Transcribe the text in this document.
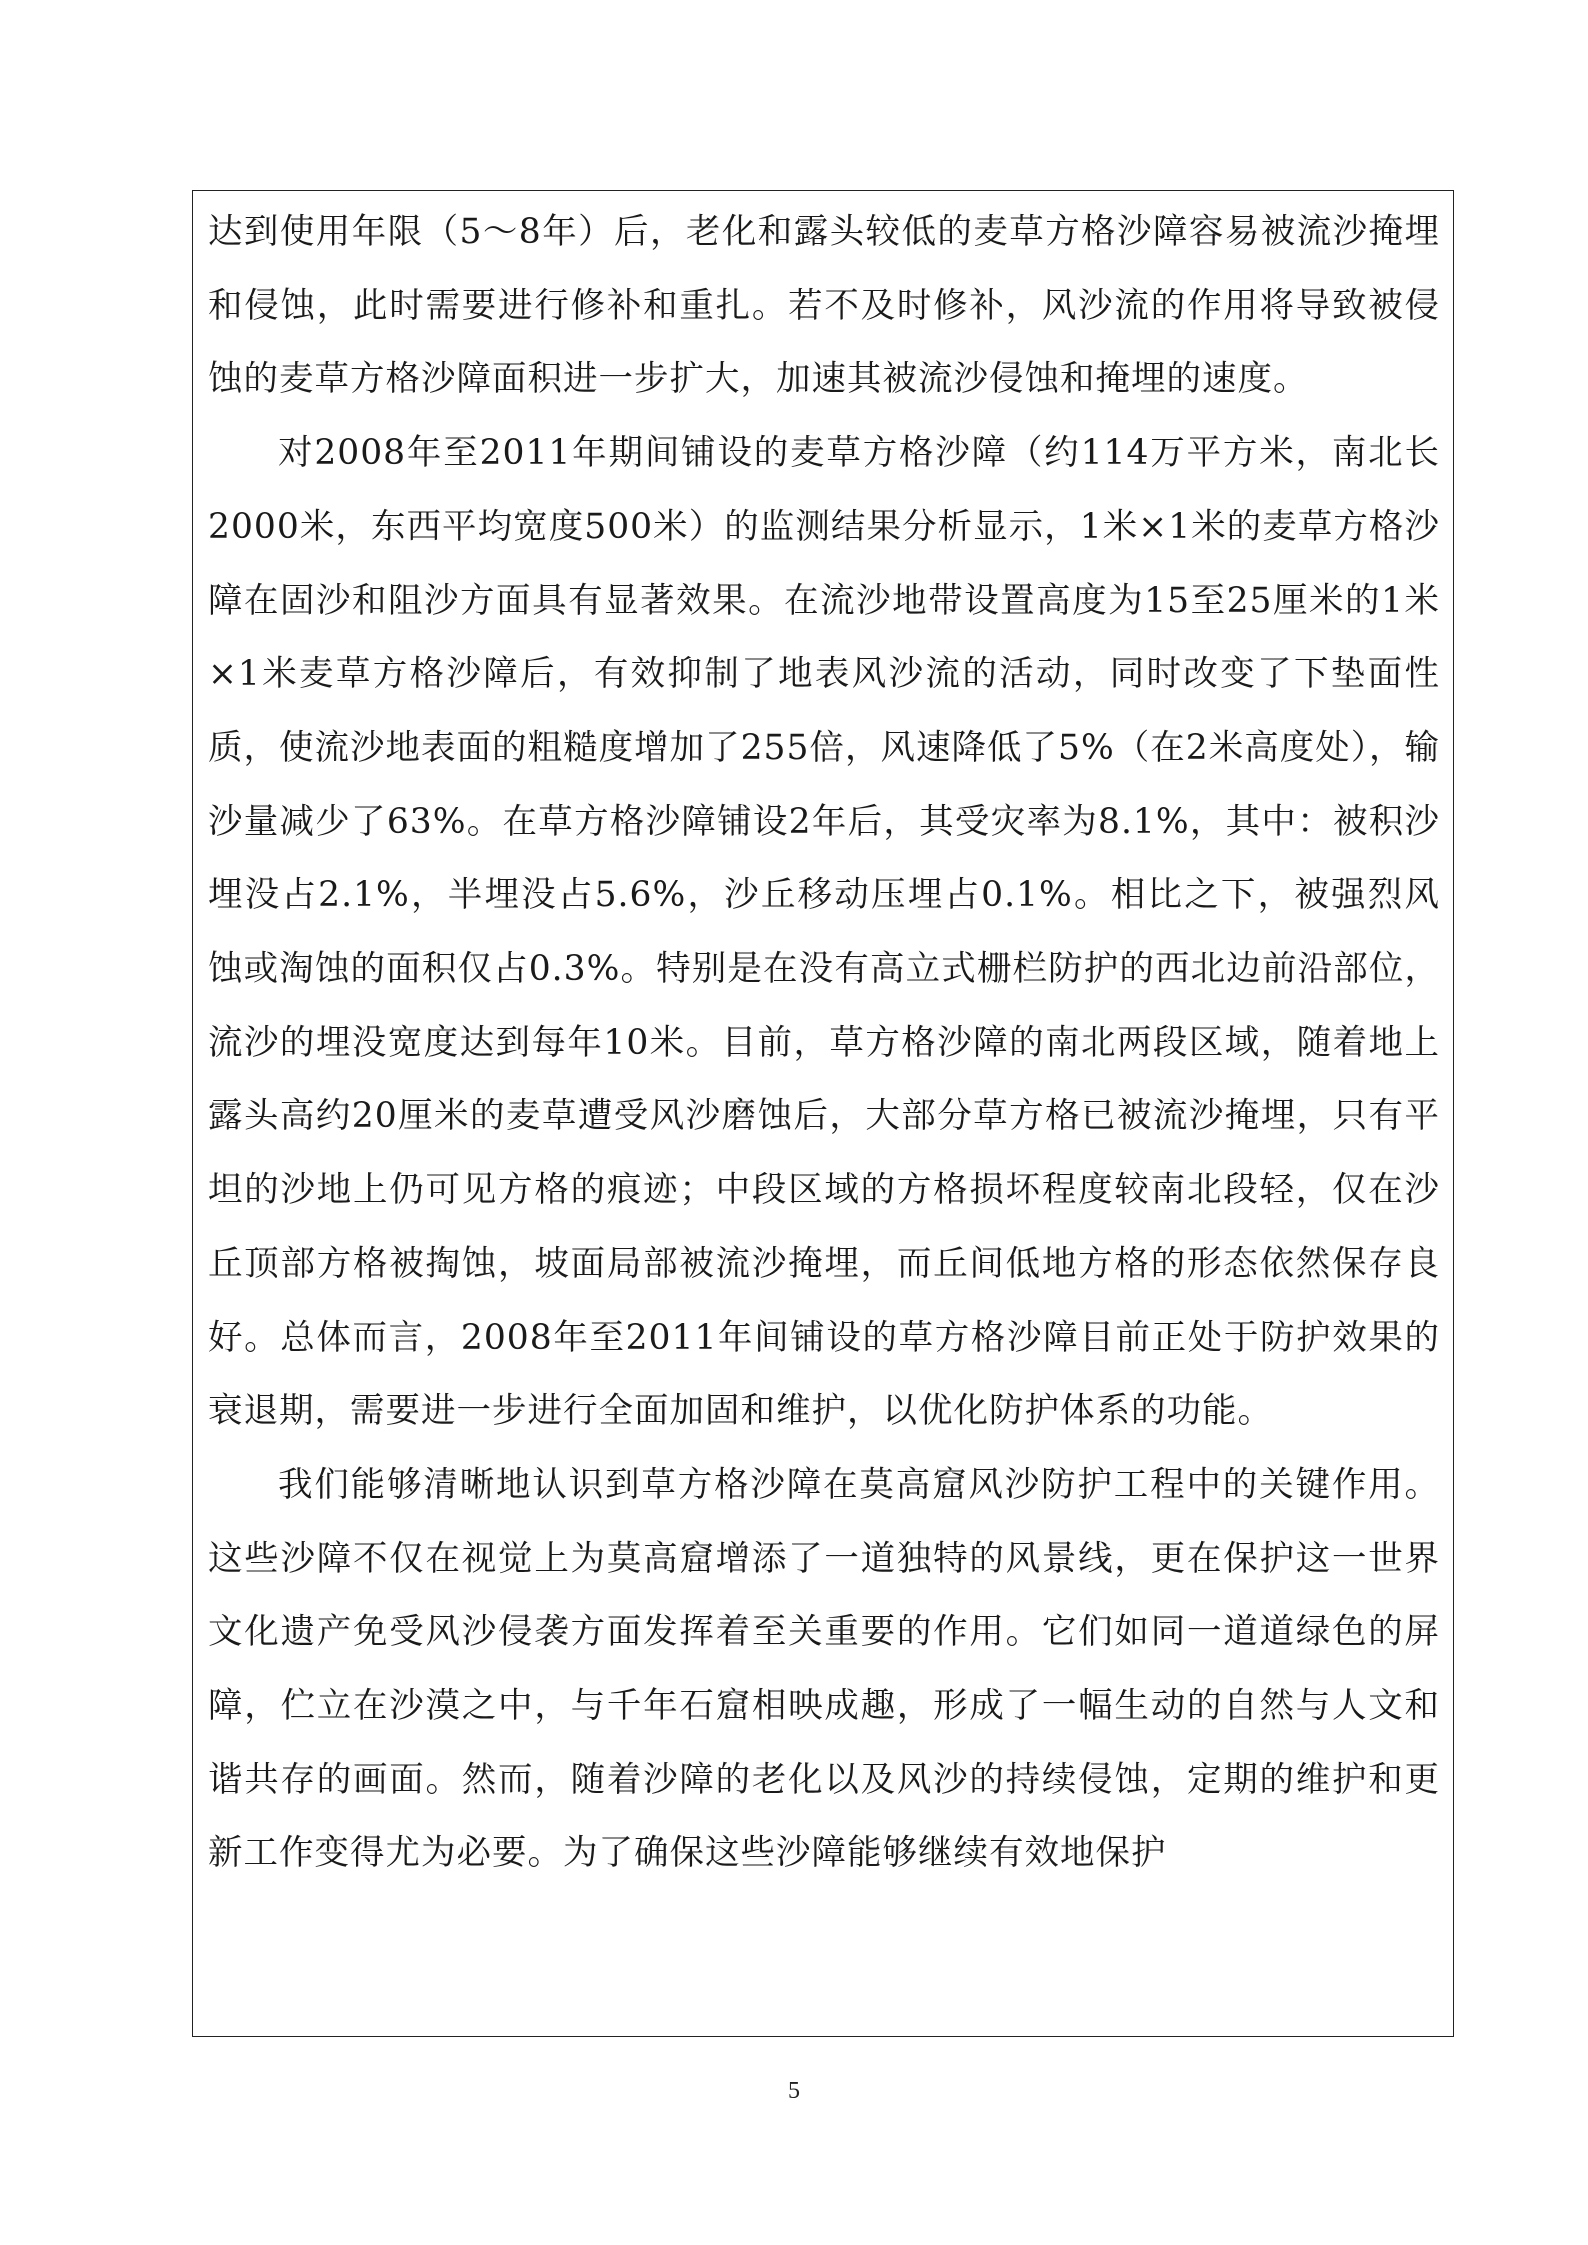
达到使用年限（5～8年）后，老化和露头较低的麦草方格沙障容易被流沙掩埋和侵蚀，此时需要进行修补和重扎。若不及时修补，风沙流的作用将导致被侵蚀的麦草方格沙障面积进一步扩大，加速其被流沙侵蚀和掩埋的速度。

对2008年至2011年期间铺设的麦草方格沙障（约114万平方米，南北长2000米，东西平均宽度500米）的监测结果分析显示，1米×1米的麦草方格沙障在固沙和阻沙方面具有显著效果。在流沙地带设置高度为15至25厘米的1米×1米麦草方格沙障后，有效抑制了地表风沙流的活动，同时改变了下垫面性质，使流沙地表面的粗糙度增加了255倍，风速降低了5%（在2米高度处），输沙量减少了63%。在草方格沙障铺设2年后，其受灾率为8.1%，其中：被积沙埋没占2.1%，半埋没占5.6%，沙丘移动压埋占0.1%。相比之下，被强烈风蚀或淘蚀的面积仅占0.3%。特别是在没有高立式栅栏防护的西北边前沿部位，流沙的埋没宽度达到每年10米。目前，草方格沙障的南北两段区域，随着地上露头高约20厘米的麦草遭受风沙磨蚀后，大部分草方格已被流沙掩埋，只有平坦的沙地上仍可见方格的痕迹；中段区域的方格损坏程度较南北段轻，仅在沙丘顶部方格被掏蚀，坡面局部被流沙掩埋，而丘间低地方格的形态依然保存良好。总体而言，2008年至2011年间铺设的草方格沙障目前正处于防护效果的衰退期，需要进一步进行全面加固和维护，以优化防护体系的功能。

我们能够清晰地认识到草方格沙障在莫高窟风沙防护工程中的关键作用。这些沙障不仅在视觉上为莫高窟增添了一道独特的风景线，更在保护这一世界文化遗产免受风沙侵袭方面发挥着至关重要的作用。它们如同一道道绿色的屏障，伫立在沙漠之中，与千年石窟相映成趣，形成了一幅生动的自然与人文和谐共存的画面。然而，随着沙障的老化以及风沙的持续侵蚀，定期的维护和更新工作变得尤为必要。为了确保这些沙障能够继续有效地保护

5
